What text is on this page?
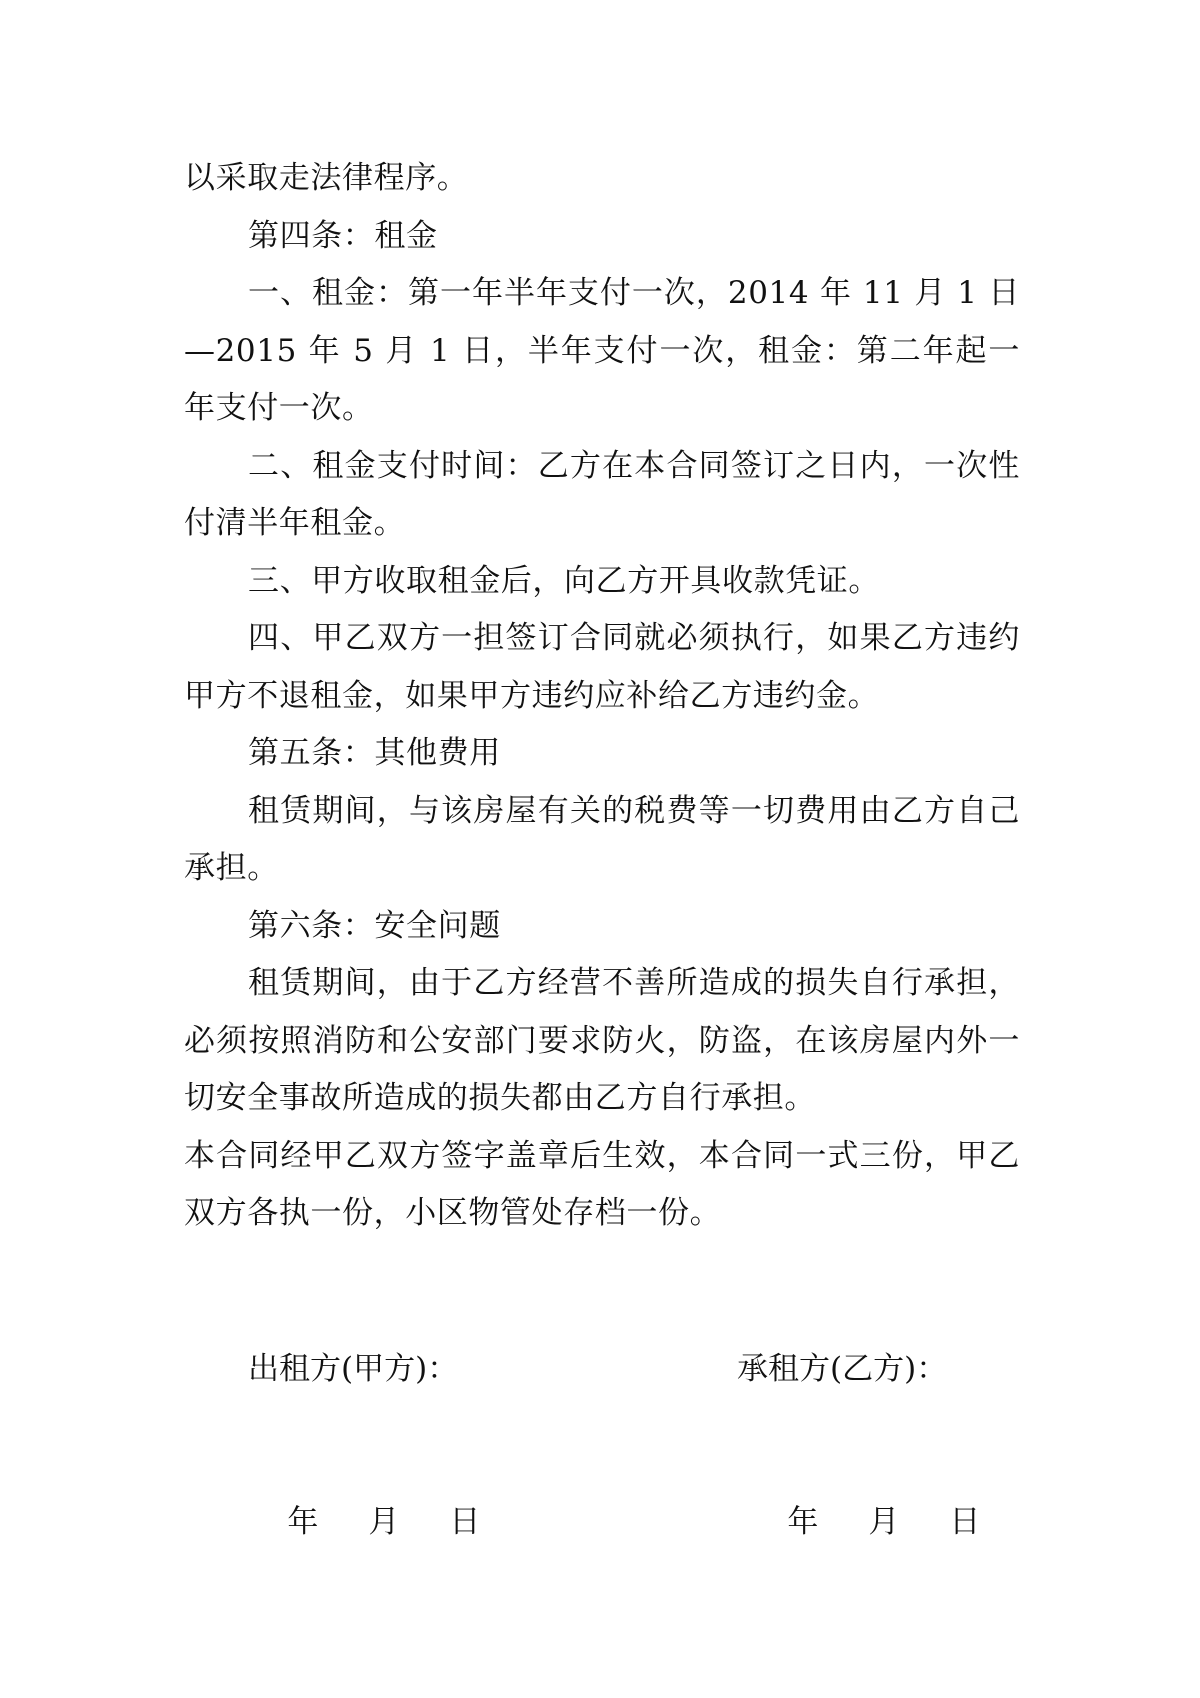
以采取走法律程序。

第四条：租金

一、租金：第一年半年支付一次，2014 年 11 月 1 日—2015 年 5 月 1 日，半年支付一次，租金：第二年起一年支付一次。

二、租金支付时间：乙方在本合同签订之日内，一次性付清半年租金。

三、甲方收取租金后，向乙方开具收款凭证。

四、甲乙双方一担签订合同就必须执行，如果乙方违约甲方不退租金，如果甲方违约应补给乙方违约金。

第五条：其他费用

租赁期间，与该房屋有关的税费等一切费用由乙方自己承担。

第六条：安全问题

租赁期间，由于乙方经营不善所造成的损失自行承担，必须按照消防和公安部门要求防火，防盗，在该房屋内外一切安全事故所造成的损失都由乙方自行承担。

本合同经甲乙双方签字盖章后生效，本合同一式三份，甲乙双方各执一份，小区物管处存档一份。

出租方(甲方)：	承租方(乙方)：

年 月 日
	年 月 日
